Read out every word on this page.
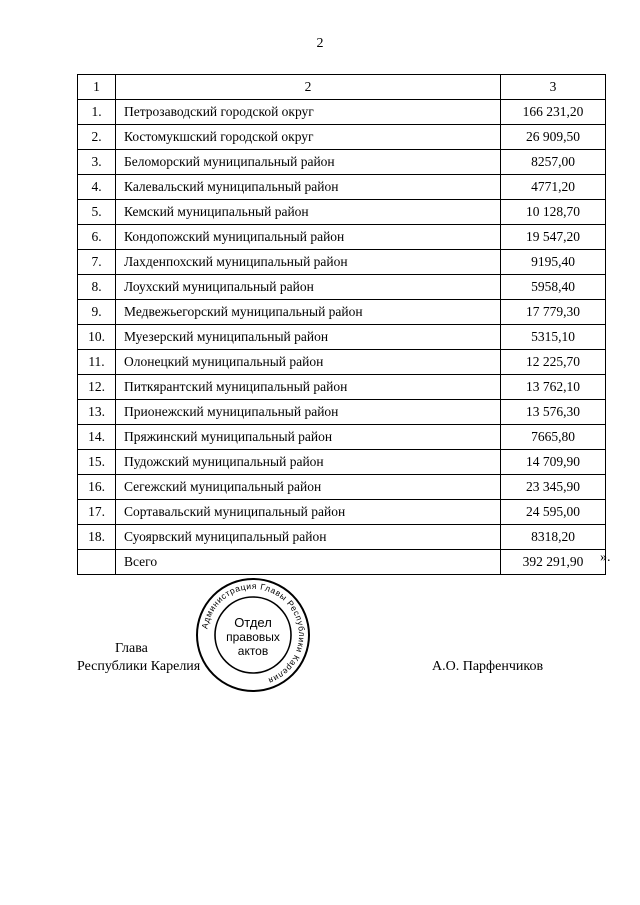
2
1	2	3
1.	Петрозаводский городской округ	166 231,20
2.	Костомукшский городской округ	26 909,50
3.	Беломорский муниципальный район	8257,00
4.	Калевальский муниципальный район	4771,20
5.	Кемский муниципальный район	10 128,70
6.	Кондопожский муниципальный район	19 547,20
7.	Лахденпохский муниципальный район	9195,40
8.	Лоухский муниципальный район	5958,40
9.	Медвежьегорский муниципальный район	17 779,30
10.	Муезерский муниципальный район	5315,10
11.	Олонецкий муниципальный район	12 225,70
12.	Питкярантский муниципальный район	13 762,10
13.	Прионежский муниципальный район	13 576,30
14.	Пряжинский муниципальный район	7665,80
15.	Пудожский муниципальный район	14 709,90
16.	Сегежский муниципальный район	23 345,90
17.	Сортавальский муниципальный район	24 595,00
18.	Суоярвский муниципальный район	8318,20
	Всего	392 291,90 ».
Глава
Республики Карелия	А.О. Парфенчиков
Администрация Главы Республики Карелия
Отдел
правовых
актов
